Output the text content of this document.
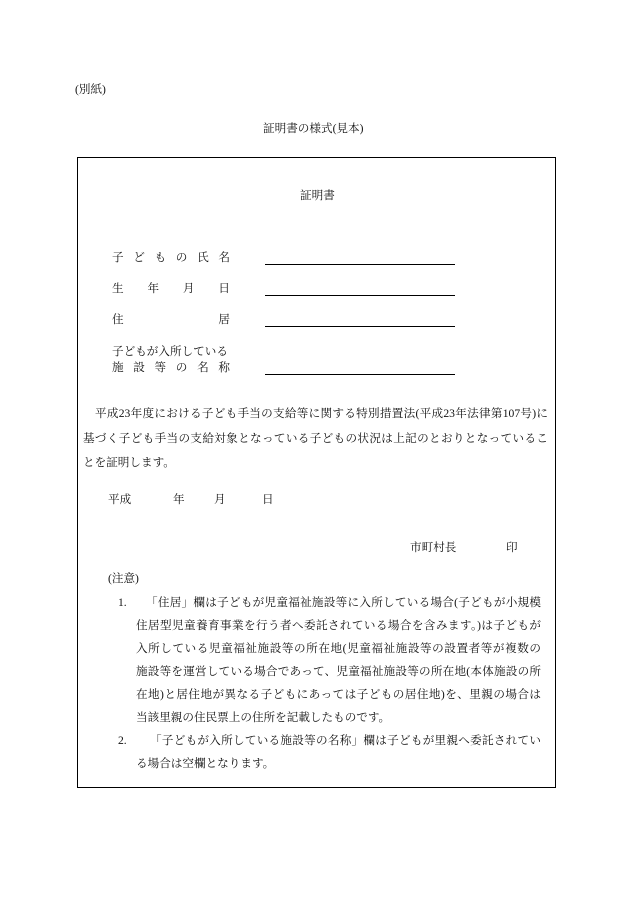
(別紙)
証明書の様式(見本)
証明書
子 ど も の 氏 名
生 年 月 日
住	居
子どもが入所している
施 設 等 の 名 称
平成23年度における子ども手当の支給等に関する特別措置法(平成23年法律第107号)に
基づく子ども手当の支給対象となっている子どもの状況は上記のとおりとなっているこ
とを証明します。
平成	年	月	日
市町村長	印
(注意)
1. 「住居」欄は子どもが児童福祉施設等に入所している場合(子どもが小規模
住居型児童養育事業を行う者へ委託されている場合を含みます。)は子どもが
入所している児童福祉施設等の所在地(児童福祉施設等の設置者等が複数の
施設等を運営している場合であって、児童福祉施設等の所在地(本体施設の所
在地)と居住地が異なる子どもにあっては子どもの居住地)を、里親の場合は
当該里親の住民票上の住所を記載したものです。
2. 「子どもが入所している施設等の名称」欄は子どもが里親へ委託されてい
る場合は空欄となります。
